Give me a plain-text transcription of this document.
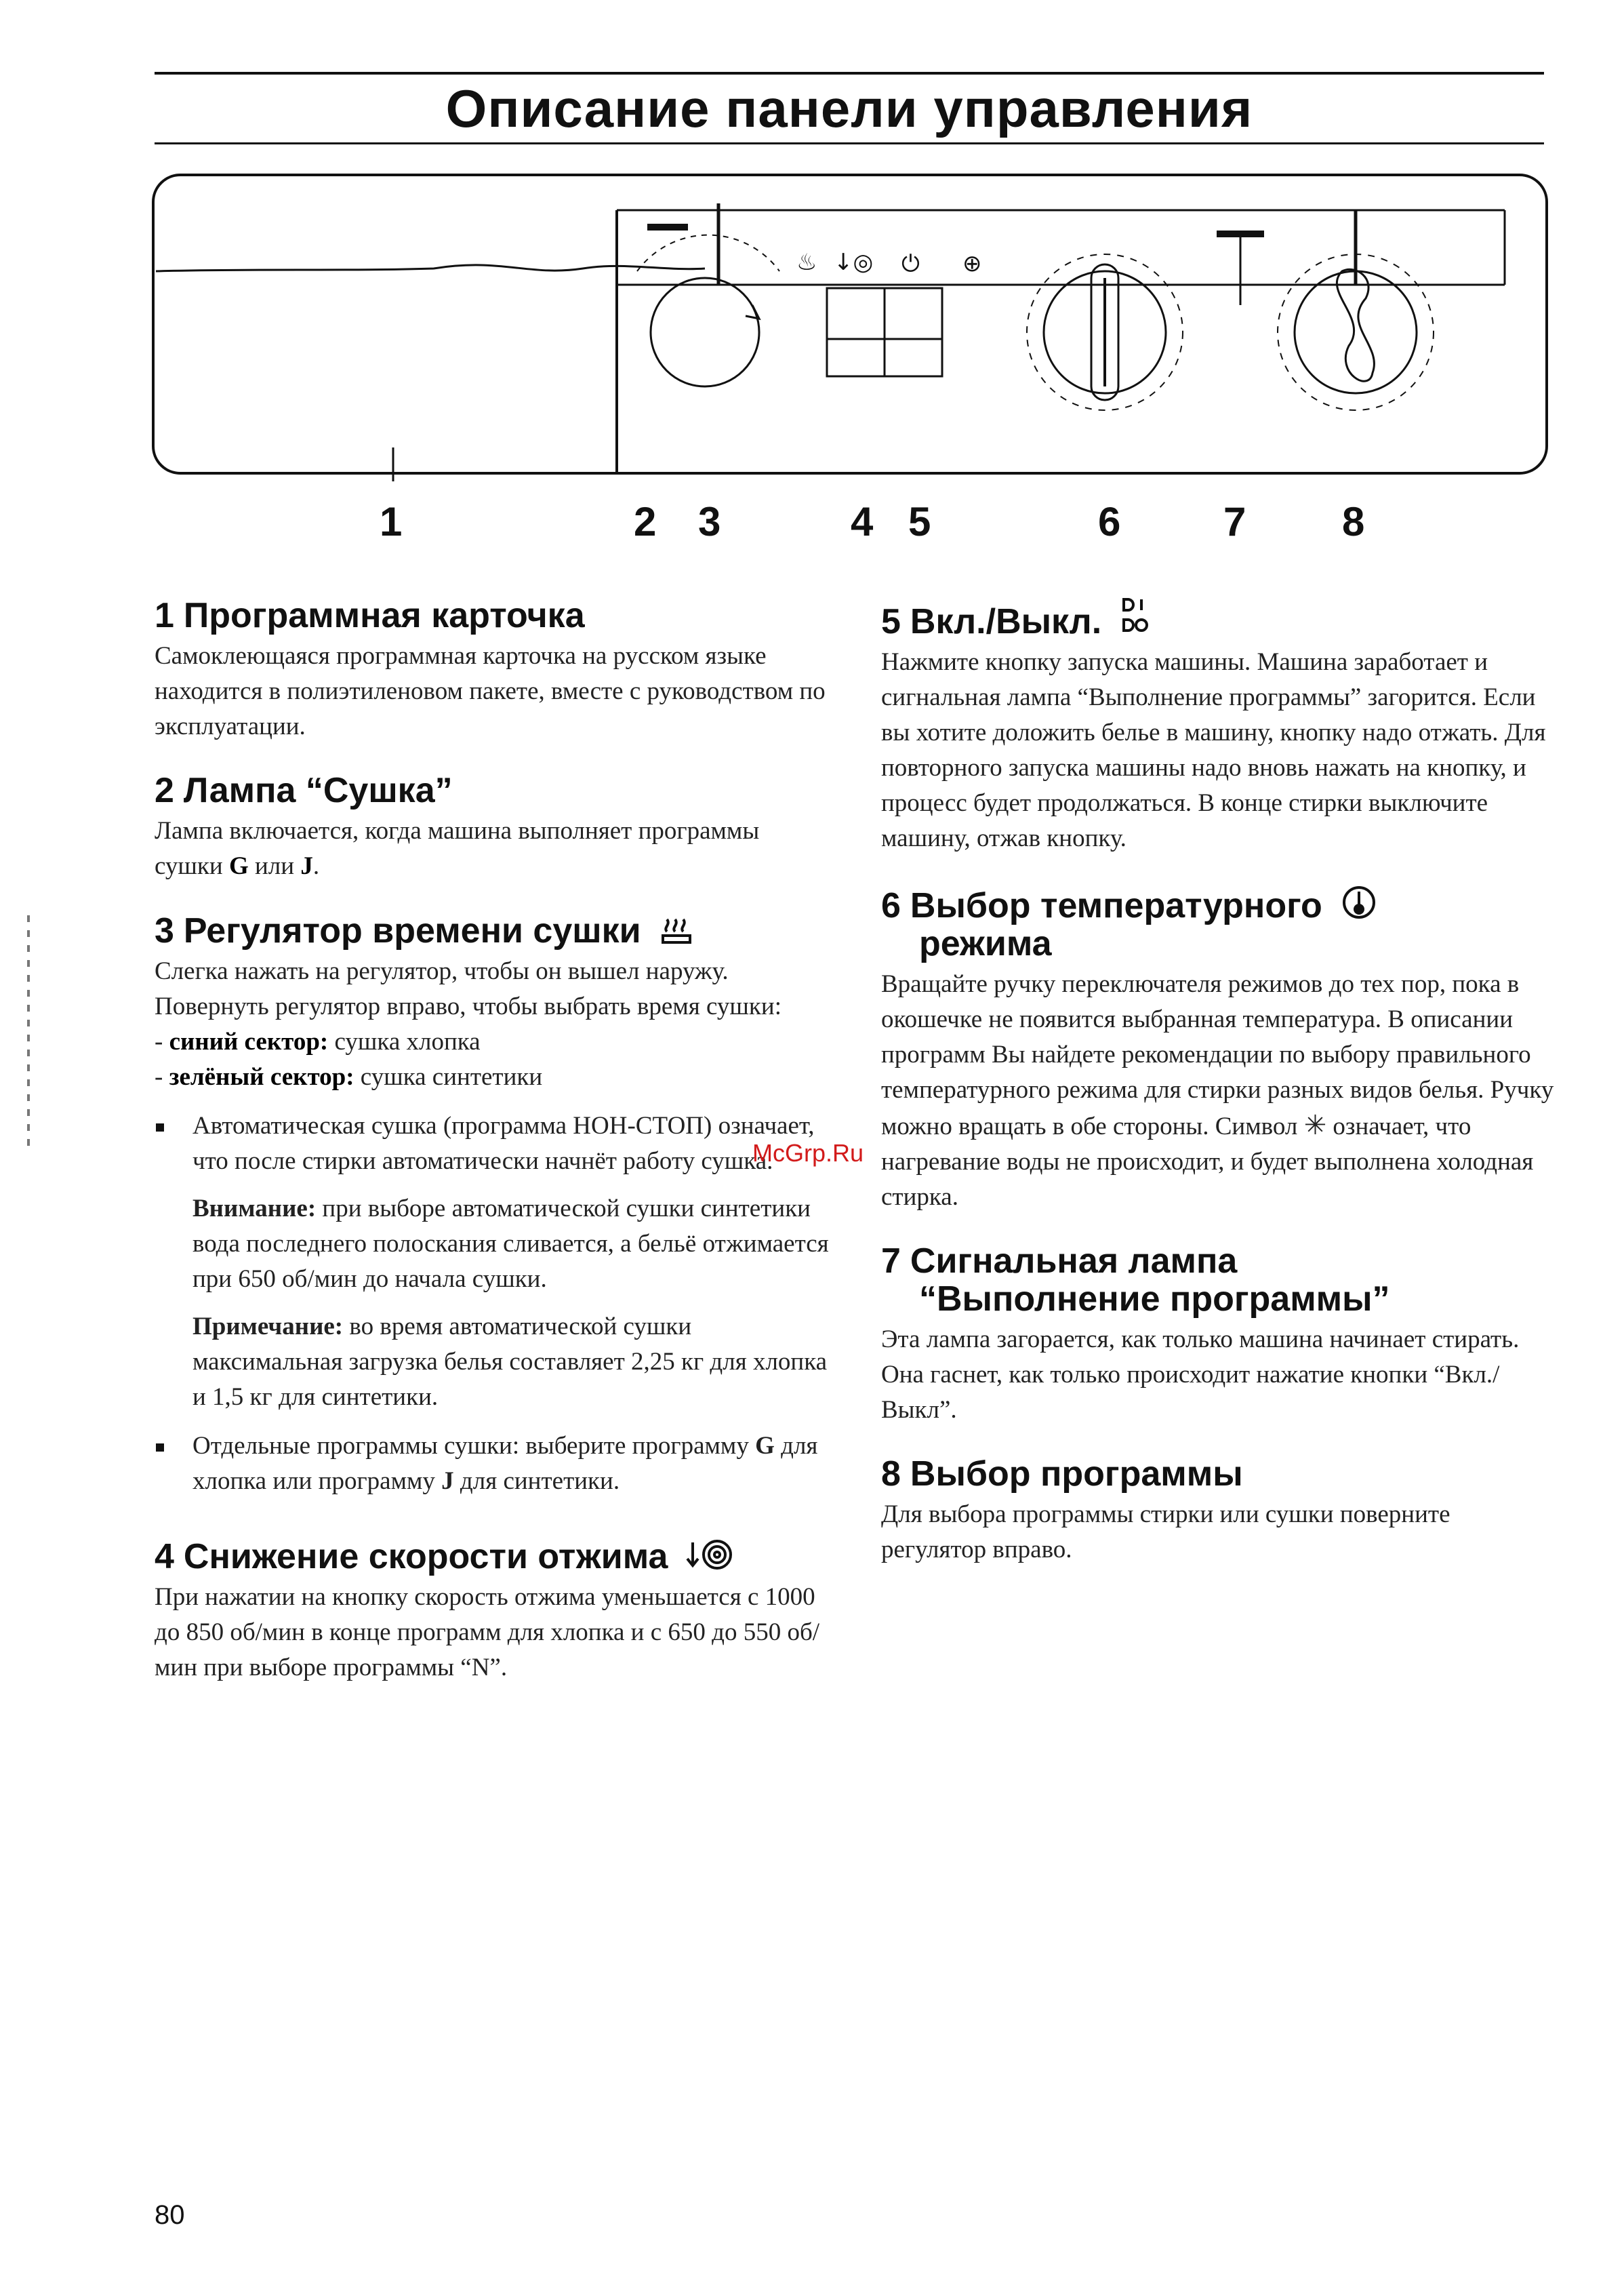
Описание панели управления
♨ ↓◎ ⏻ ⊕
1	2 3	4 5	6	7 8
1 Программная карточка
Самоклеющаяся программная карточка на русском языке находится в полиэтиленовом пакете, вместе с руководством по эксплуатации.
2 Лампа “Сушка”
Лампа включается, когда машина выполняет программы сушки G или J.
3 Регулятор времени сушки
Слегка нажать на регулятор, чтобы он вышел наружу. Повернуть регулятор вправо, чтобы выбрать время сушки:
- синий сектор: сушка хлопка
- зелёный сектор: сушка синтетики
Автоматическая сушка (программа НОН-СТОП) означает, что после стирки автоматически начнёт работу сушка.
Внимание: при выборе автоматической сушки синтетики вода последнего полоскания сливается, а бельё отжимается при 650 об/мин до начала сушки.
Примечание: во время автоматической сушки максимальная загрузка белья составляет 2,25 кг для хлопка и 1,5 кг для синтетики.
Отдельные программы сушки: выберите программу G для хлопка или программу J для синтетики.
4 Снижение скорости отжима
При нажатии на кнопку скорость отжима уменьшается с 1000 до 850 об/мин в конце программ для хлопка и с 650 до 550 об/мин при выборе программы “N”.
5 Вкл./Выкл.
Нажмите кнопку запуска машины. Машина заработает и сигнальная лампа “Выполнение программы” загорится. Если вы хотите доложить белье в машину, кнопку надо отжать. Для повторного запуска машины надо вновь нажать на кнопку, и процесс будет продолжаться. В конце стирки выключите машину, отжав кнопку.
6 Выбор температурного
режима
Вращайте ручку переключателя режимов до тех пор, пока в окошечке не появится выбранная температура. В описании программ Вы найдете рекомендации по выбору правильного температурного режима для стирки разных видов белья. Ручку можно вращать в обе стороны. Символ ✳ означает, что нагревание воды не происходит, и будет выполнена холодная стирка.
7 Сигнальная лампа
“Выполнение программы”
Эта лампа загорается, как только машина начинает стирать. Она гаснет, как только происходит нажатие кнопки “Вкл./Выкл”.
8 Выбор программы
Для выбора программы стирки или сушки поверните регулятор вправо.
McGrp.Ru
80
